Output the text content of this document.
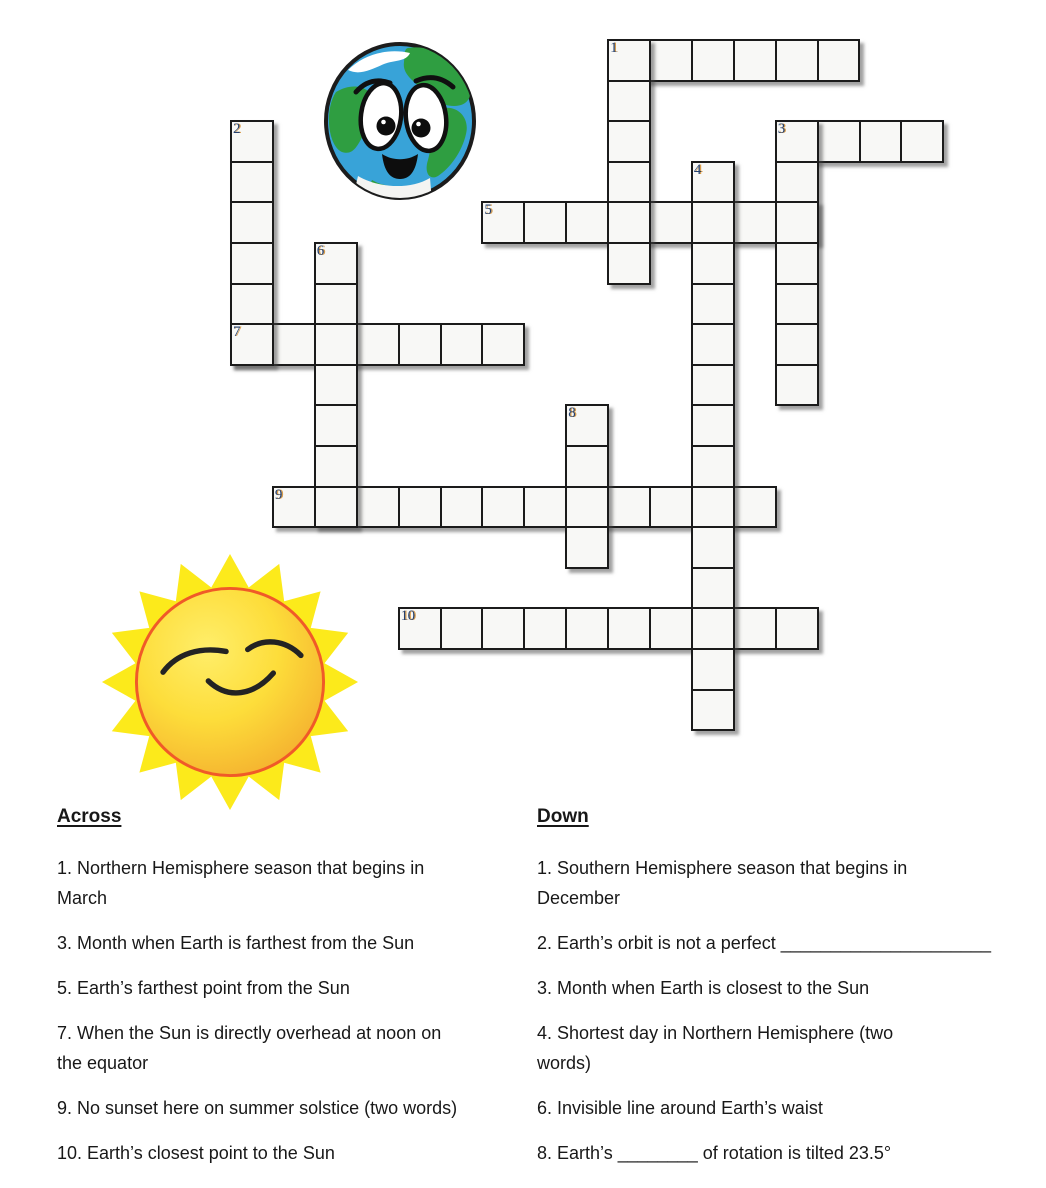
1
3
5
7
9
10
2
4
6
8
Across
1. Northern Hemisphere season that begins in
March
3. Month when Earth is farthest from the Sun
5. Earth’s farthest point from the Sun
7. When the Sun is directly overhead at noon on
the equator
9. No sunset here on summer solstice (two words)
10. Earth’s closest point to the Sun
Down
1. Southern Hemisphere season that begins in
December
2. Earth’s orbit is not a perfect _____________________
3. Month when Earth is closest to the Sun
4. Shortest day in Northern Hemisphere (two
words)
6. Invisible line around Earth’s waist
8. Earth’s ________ of rotation is tilted 23.5°
